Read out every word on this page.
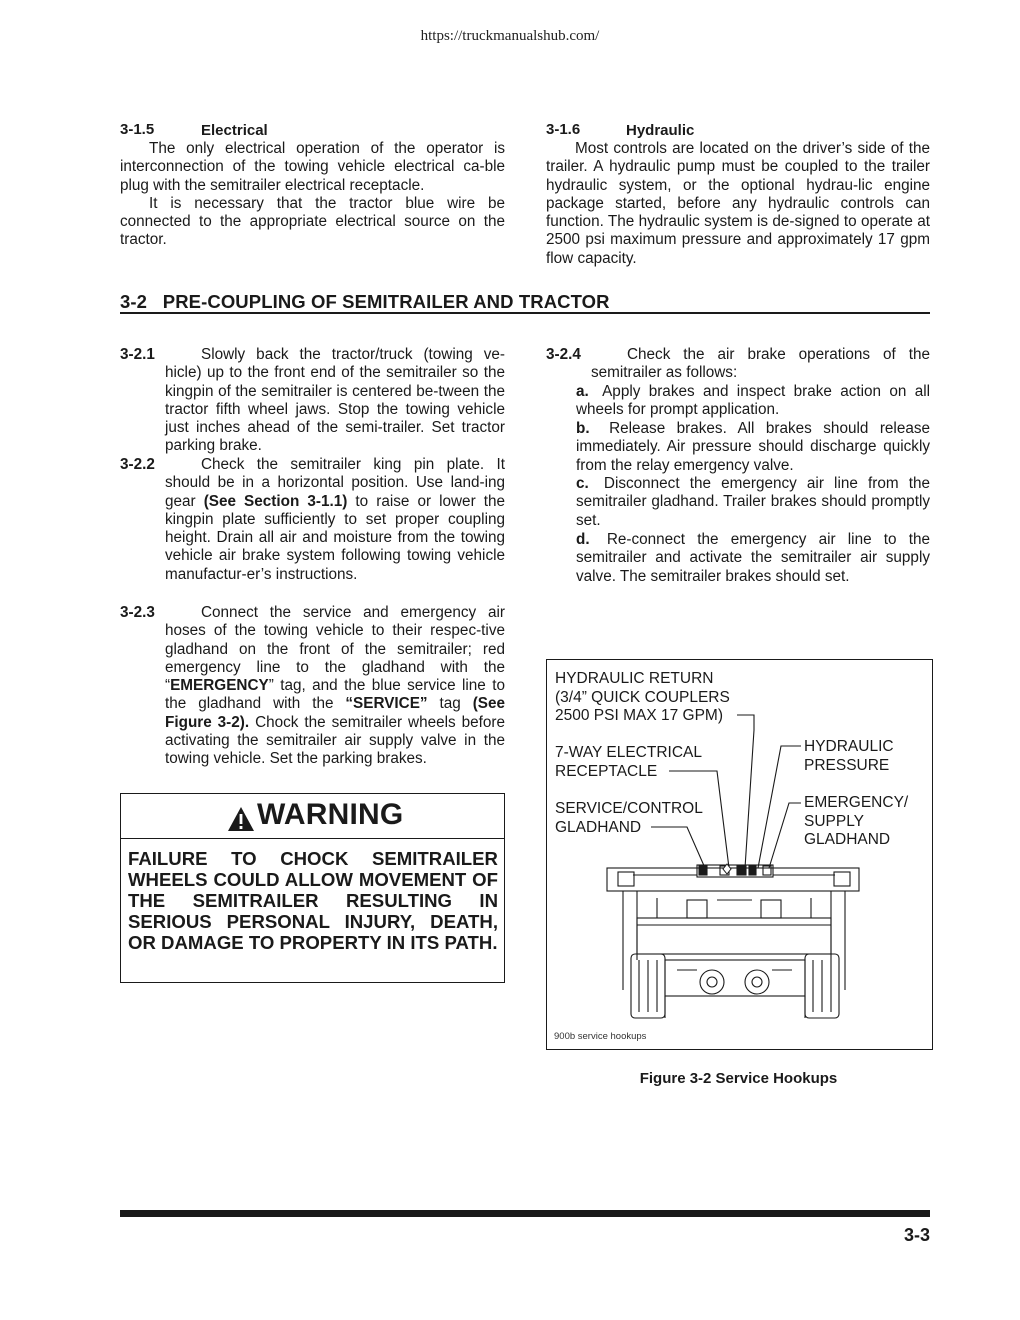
https://truckmanualshub.com/
3-1.5	Electrical
The only electrical operation of the operator is interconnection of the towing vehicle electrical ca-ble plug with the semitrailer electrical receptacle.
It is necessary that the tractor blue wire be connected to the appropriate electrical source on the tractor.
3-1.6	Hydraulic
Most controls are located on the driver’s side of the trailer. A hydraulic pump must be coupled to the trailer hydraulic system, or the optional hydrau-lic engine package started, before any hydraulic controls can function. The hydraulic system is de-signed to operate at 2500 psi maximum pressure and approximately 17 gpm flow capacity.
3-2   PRE-COUPLING OF SEMITRAILER AND TRACTOR
3-2.1	Slowly back the tractor/truck (towing ve-hicle) up to the front end of the semitrailer so the kingpin of the semitrailer is centered be-tween the tractor fifth wheel jaws. Stop the towing vehicle just inches ahead of the semi-trailer. Set tractor parking brake.
3-2.2	Check the semitrailer king pin plate. It should be in a horizontal position. Use land-ing gear (See Section 3-1.1) to raise or lower the kingpin plate sufficiently to set proper coupling height. Drain all air and moisture from the towing vehicle air brake system following towing vehicle manufactur-er’s instructions.
3-2.3	Connect the service and emergency air hoses of the towing vehicle to their respec-tive gladhand on the front of the semitrailer; red emergency line to the gladhand with the “EMERGENCY” tag, and the blue service line to the gladhand with the “SERVICE” tag (See Figure 3-2). Chock the semitrailer wheels before activating the semitrailer air supply valve in the towing vehicle. Set the parking brakes.
WARNING
FAILURE TO CHOCK SEMITRAILER WHEELS COULD ALLOW MOVEMENT OF THE SEMITRAILER RESULTING IN SERIOUS PERSONAL INJURY, DEATH, OR DAMAGE TO PROPERTY IN ITS PATH.
3-2.4	Check the air brake operations of the semitrailer as follows:
a. Apply brakes and inspect brake action on all wheels for prompt application.
b. Release brakes. All brakes should release immediately. Air pressure should discharge quickly from the relay emergency valve.
c. Disconnect the emergency air line from the semitrailer gladhand. Trailer brakes should promptly set.
d. Re-connect the emergency air line to the semitrailer and activate the semitrailer air supply valve. The semitrailer brakes should set.
HYDRAULIC RETURN
(3/4” QUICK COUPLERS
2500 PSI MAX 17 GPM)
7-WAY ELECTRICAL
RECEPTACLE
SERVICE/CONTROL
GLADHAND
HYDRAULIC
PRESSURE
EMERGENCY/
SUPPLY
GLADHAND
900b service hookups
Figure 3-2 Service Hookups
3-3
